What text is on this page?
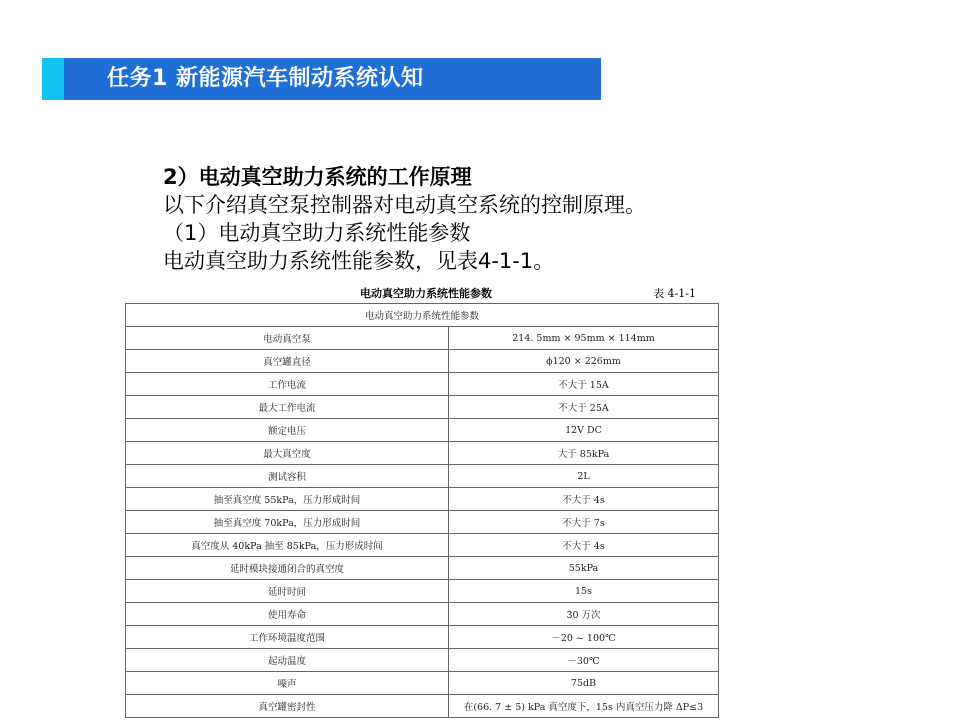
任务1 新能源汽车制动系统认知
2）电动真空助力系统的工作原理
以下介绍真空泵控制器对电动真空系统的控制原理。
（1）电动真空助力系统性能参数
电动真空助力系统性能参数，见表4-1-1。
电动真空助力系统性能参数	表 4-1-1
电动真空助力系统性能参数	
电动真空泵	214. 5mm × 95mm × 114mm
真空罐直径	ϕ120 × 226mm
工作电流	不大于 15A
最大工作电流	不大于 25A
额定电压	12V DC
最大真空度	大于 85kPa
测试容积	2L
抽至真空度 55kPa，压力形成时间	不大于 4s
抽至真空度 70kPa，压力形成时间	不大于 7s
真空度从 40kPa 抽至 85kPa，压力形成时间	不大于 4s
延时模块接通闭合的真空度	55kPa
延时时间	15s
使用寿命	30 万次
工作环境温度范围	－20 ~ 100℃
起动温度	－30℃
噪声	75dB
真空罐密封性	在(66. 7 ± 5) kPa 真空度下，15s 内真空压力降 ΔP≤3
